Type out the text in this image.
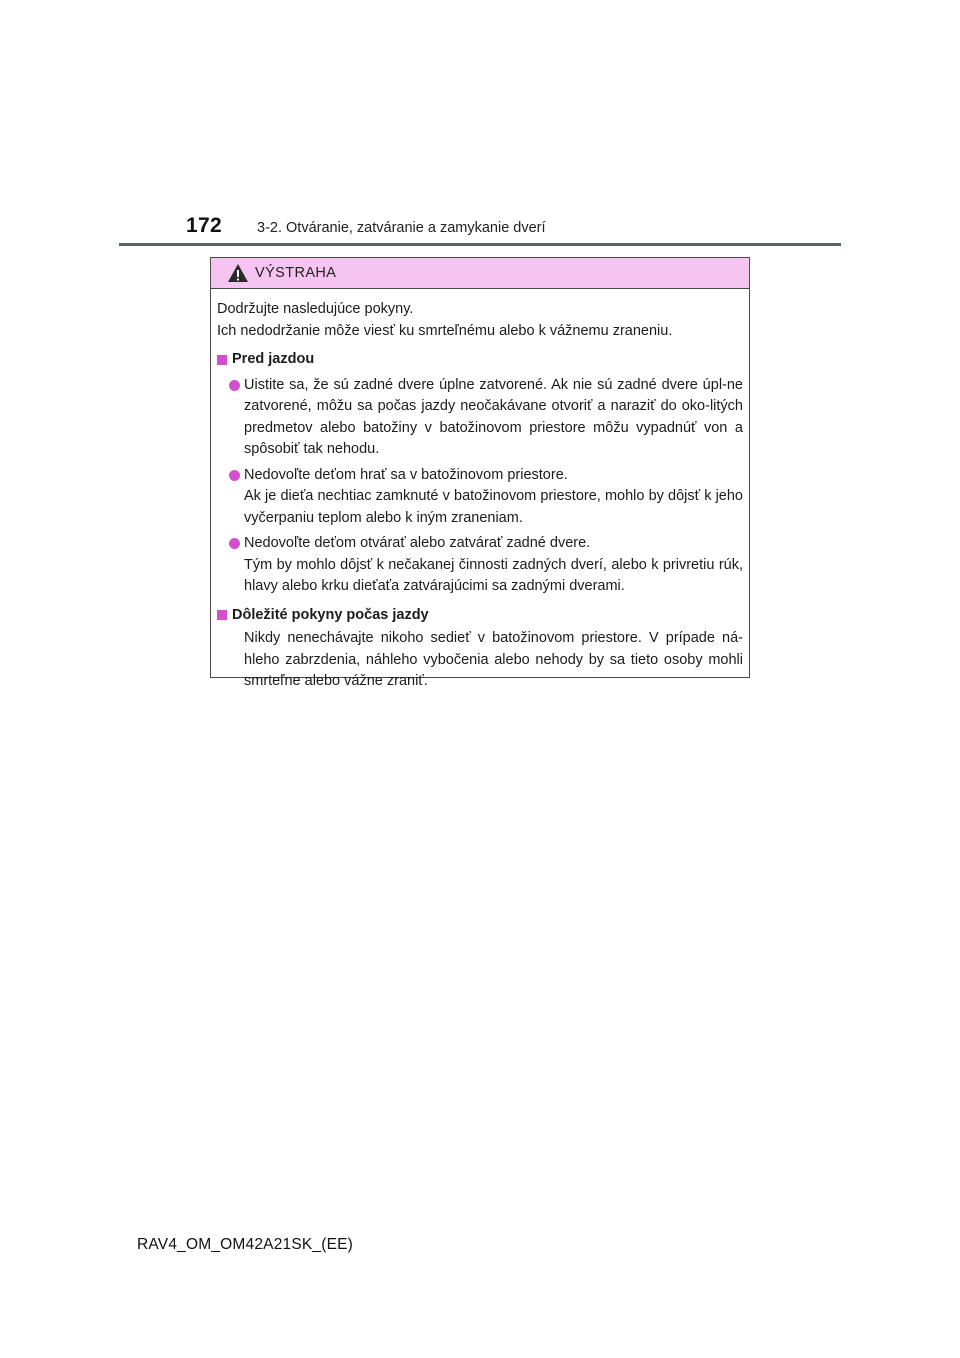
172 3-2. Otváranie, zatváranie a zamykanie dverí
VÝSTRAHA

Dodržujte nasledujúce pokyny.

Ich nedodržanie môže viesť ku smrteľnému alebo k vážnemu zraneniu.

Pred jazdou

Uistite sa, že sú zadné dvere úplne zatvorené. Ak nie sú zadné dvere úpl-ne zatvorené, môžu sa počas jazdy neočakávane otvoriť a naraziť do oko-litých predmetov alebo batožiny v batožinovom priestore môžu vypadnúť von a spôsobiť tak nehodu.

Nedovoľte deťom hrať sa v batožinovom priestore.

Ak je dieťa nechtiac zamknuté v batožinovom priestore, mohlo by dôjsť k jeho vyčerpaniu teplom alebo k iným zraneniam.

Nedovoľte deťom otvárať alebo zatvárať zadné dvere.

Tým by mohlo dôjsť k nečakanej činnosti zadných dverí, alebo k privretiu rúk, hlavy alebo krku dieťaťa zatvárajúcimi sa zadnými dverami.

Dôležité pokyny počas jazdy

Nikdy nenechávajte nikoho sedieť v batožinovom priestore. V prípade ná-hleho zabrzdenia, náhleho vybočenia alebo nehody by sa tieto osoby mohli smrteľne alebo vážne zraniť.

RAV4_OM_OM42A21SK_(EE)
